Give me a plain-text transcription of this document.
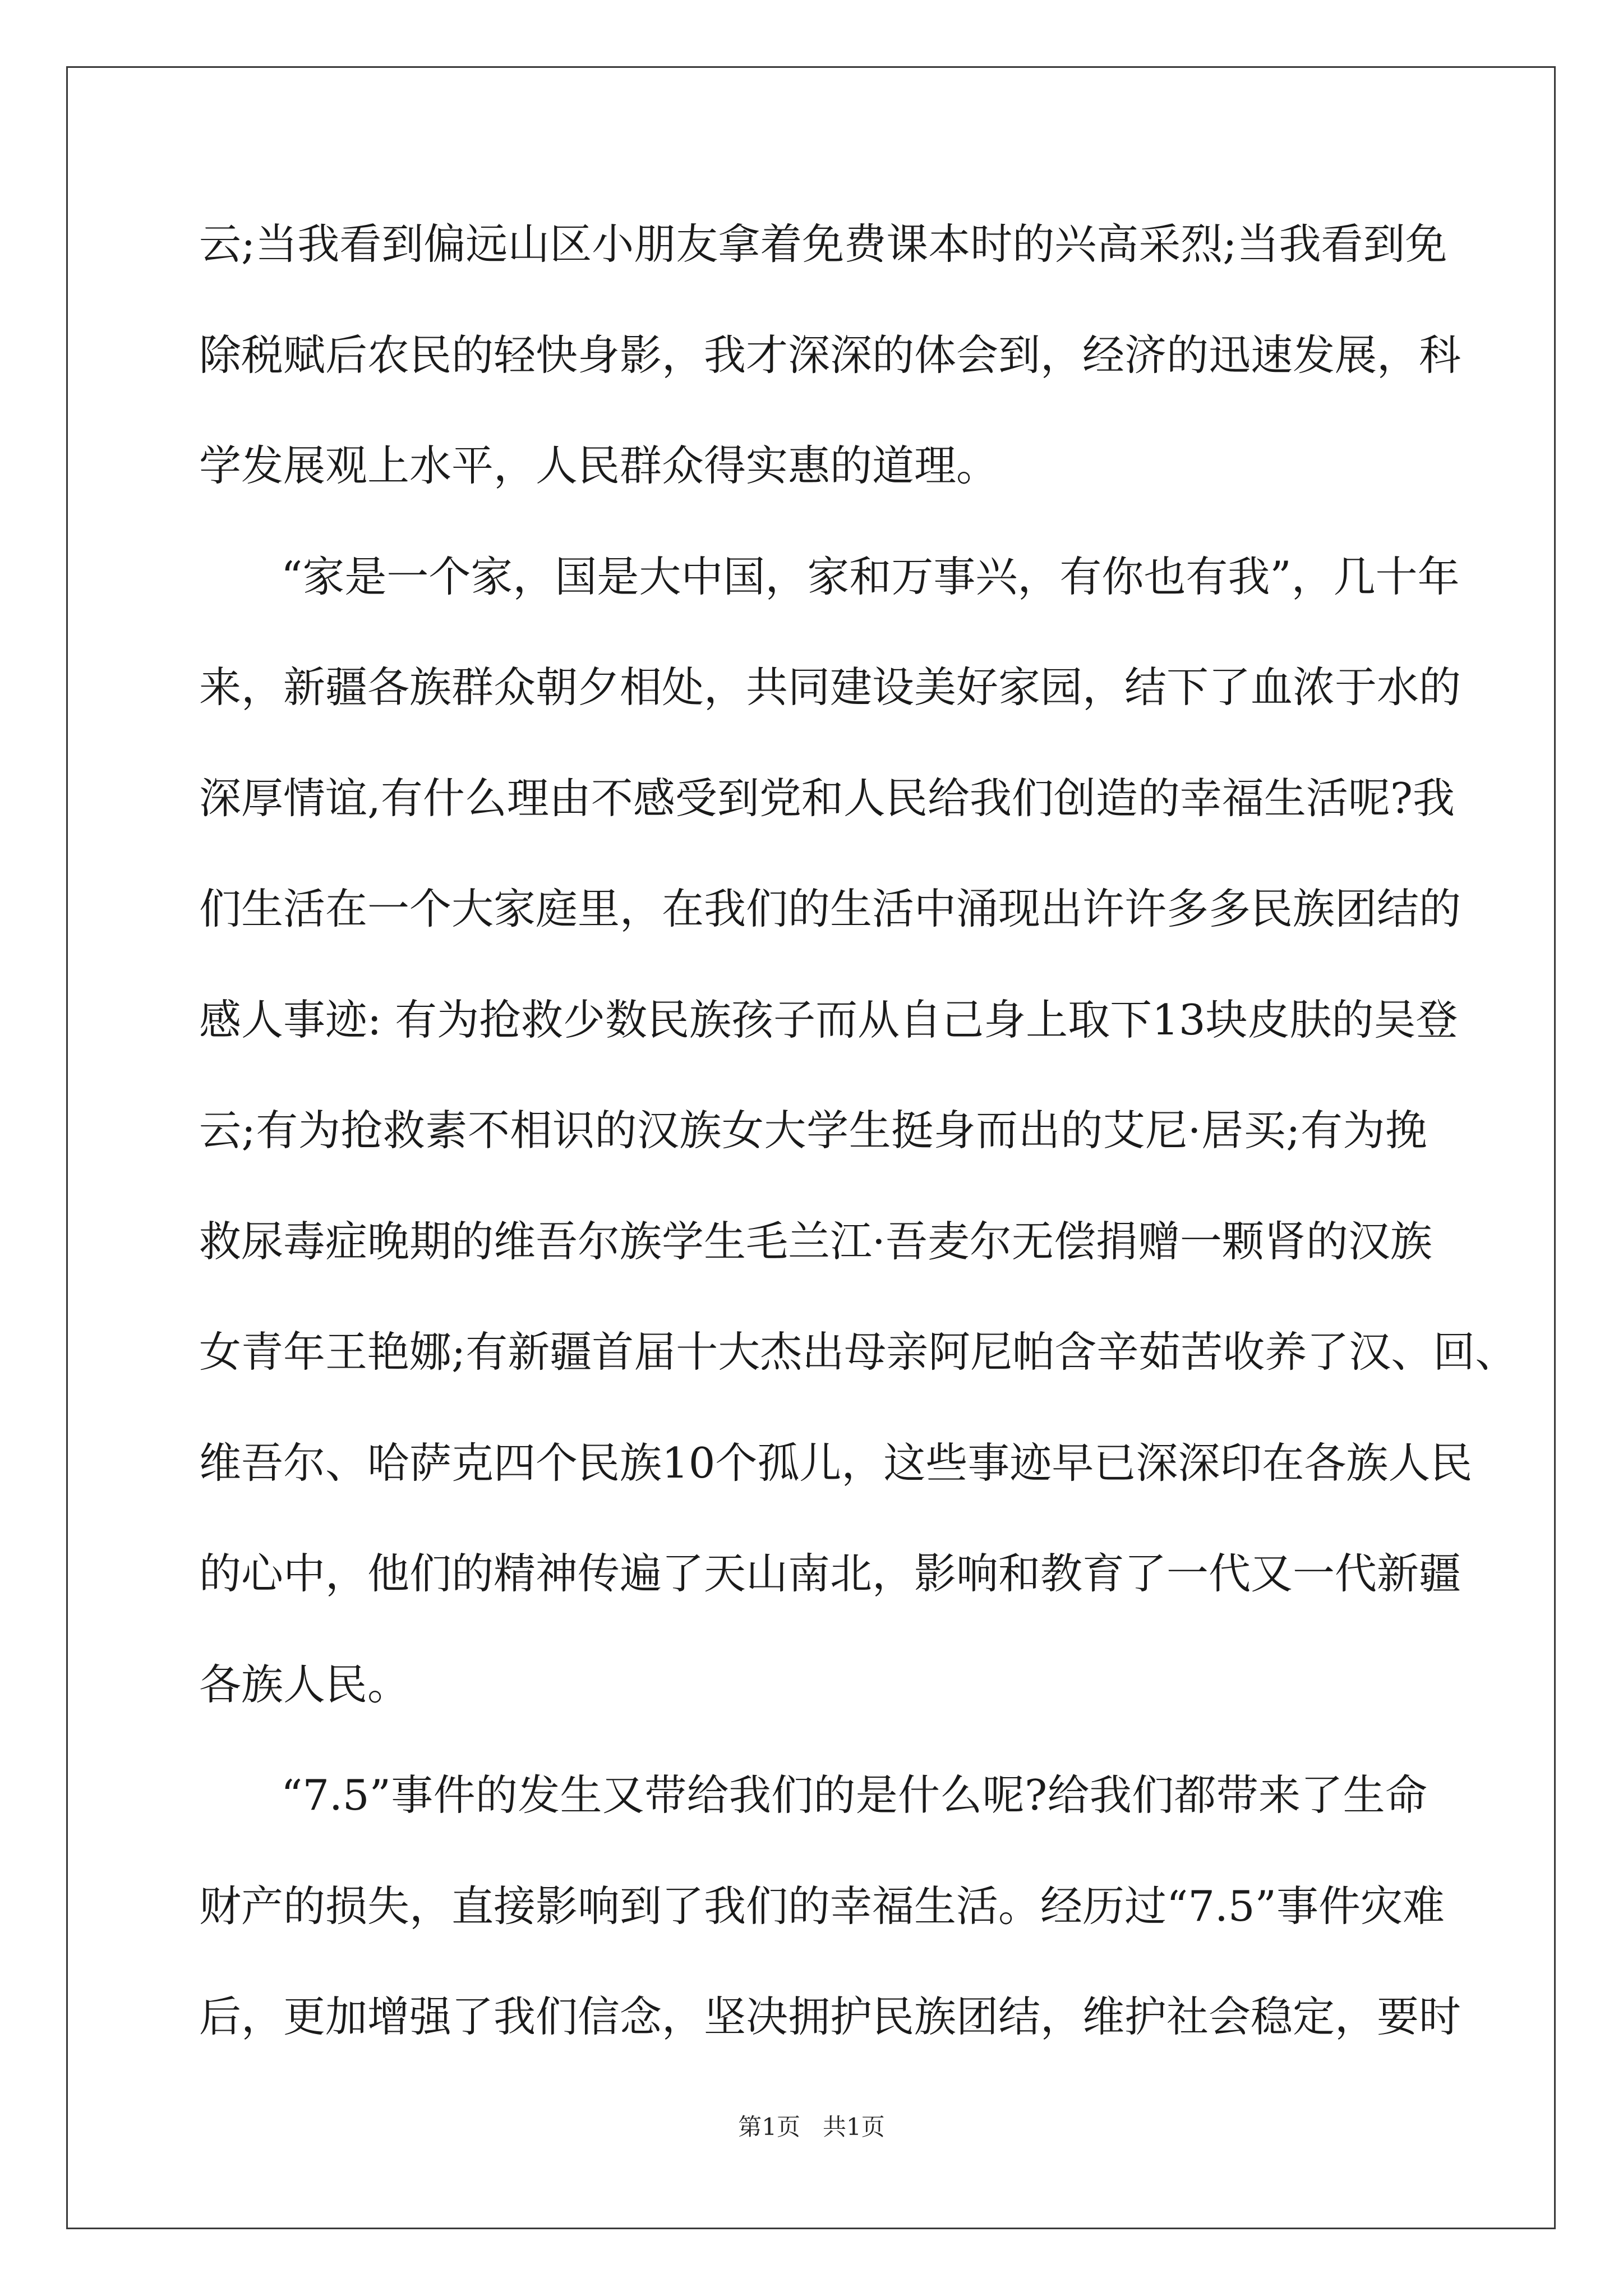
云;当我看到偏远山区小朋友拿着免费课本时的兴高采烈;当我看到免
除税赋后农民的轻快身影，我才深深的体会到，经济的迅速发展，科
学发展观上水平，人民群众得实惠的道理。
“家是一个家，国是大中国，家和万事兴，有你也有我”，几十年
来，新疆各族群众朝夕相处，共同建设美好家园，结下了血浓于水的
深厚情谊,有什么理由不感受到党和人民给我们创造的幸福生活呢?我
们生活在一个大家庭里，在我们的生活中涌现出许许多多民族团结的
感人事迹: 有为抢救少数民族孩子而从自己身上取下13块皮肤的吴登
云;有为抢救素不相识的汉族女大学生挺身而出的艾尼·居买;有为挽
救尿毒症晚期的维吾尔族学生毛兰江·吾麦尔无偿捐赠一颗肾的汉族
女青年王艳娜;有新疆首届十大杰出母亲阿尼帕含辛茹苦收养了汉、回、
维吾尔、哈萨克四个民族10个孤儿，这些事迹早已深深印在各族人民
的心中，他们的精神传遍了天山南北，影响和教育了一代又一代新疆
各族人民。
“7.5”事件的发生又带给我们的是什么呢?给我们都带来了生命
财产的损失，直接影响到了我们的幸福生活。经历过“7.5”事件灾难
后，更加增强了我们信念，坚决拥护民族团结，维护社会稳定，要时
第1页   共1页
